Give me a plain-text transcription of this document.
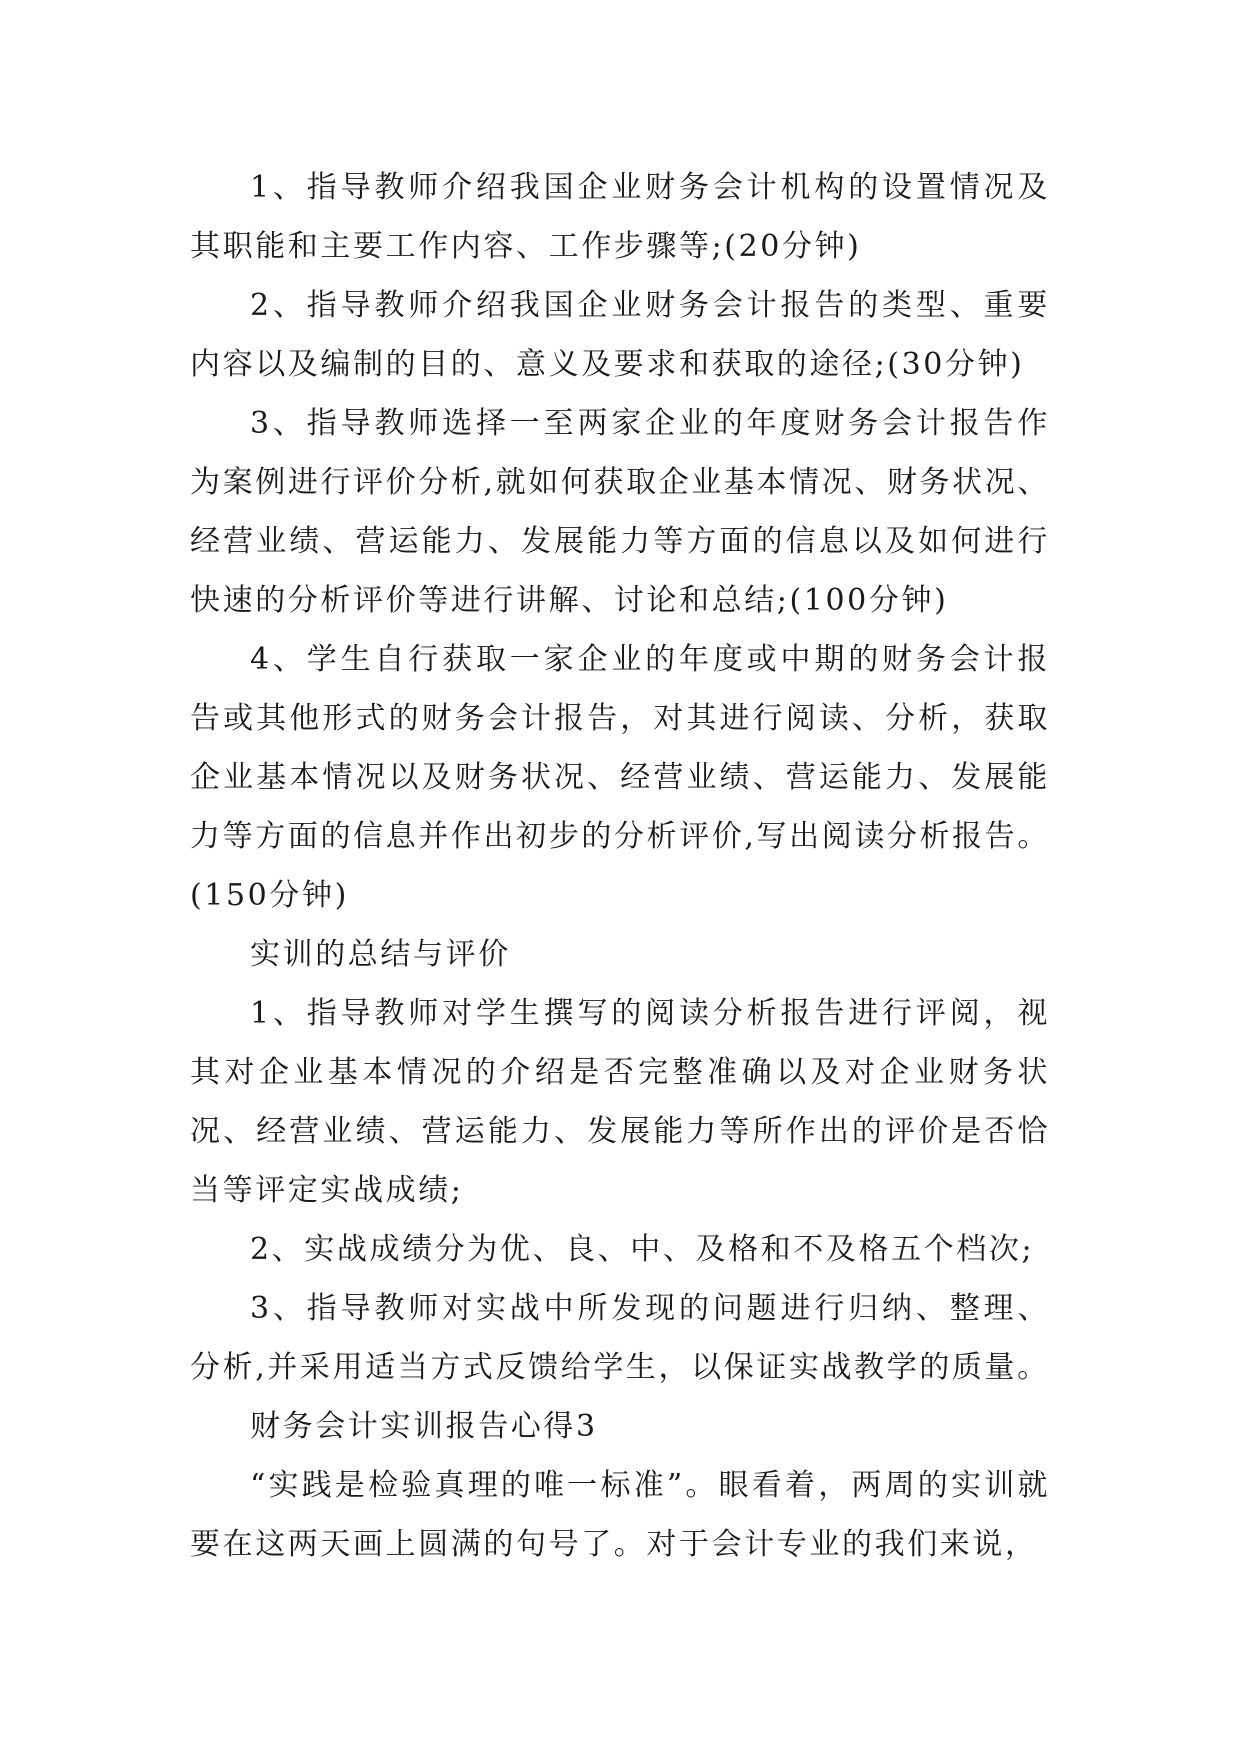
1、指导教师介绍我国企业财务会计机构的设置情况及其职能和主要工作内容、工作步骤等;(20分钟)

2、指导教师介绍我国企业财务会计报告的类型、重要内容以及编制的目的、意义及要求和获取的途径;(30分钟)

3、指导教师选择一至两家企业的年度财务会计报告作为案例进行评价分析,就如何获取企业基本情况、财务状况、经营业绩、营运能力、发展能力等方面的信息以及如何进行快速的分析评价等进行讲解、讨论和总结;(100分钟)

4、学生自行获取一家企业的年度或中期的财务会计报告或其他形式的财务会计报告，对其进行阅读、分析，获取企业基本情况以及财务状况、经营业绩、营运能力、发展能力等方面的信息并作出初步的分析评价,写出阅读分析报告。(150分钟)

实训的总结与评价

1、指导教师对学生撰写的阅读分析报告进行评阅，视其对企业基本情况的介绍是否完整准确以及对企业财务状况、经营业绩、营运能力、发展能力等所作出的评价是否恰当等评定实战成绩;

2、实战成绩分为优、良、中、及格和不及格五个档次;

3、指导教师对实战中所发现的问题进行归纳、整理、分析,并采用适当方式反馈给学生，以保证实战教学的质量。

财务会计实训报告心得3

“实践是检验真理的唯一标准”。眼看着，两周的实训就要在这两天画上圆满的句号了。对于会计专业的我们来说，
